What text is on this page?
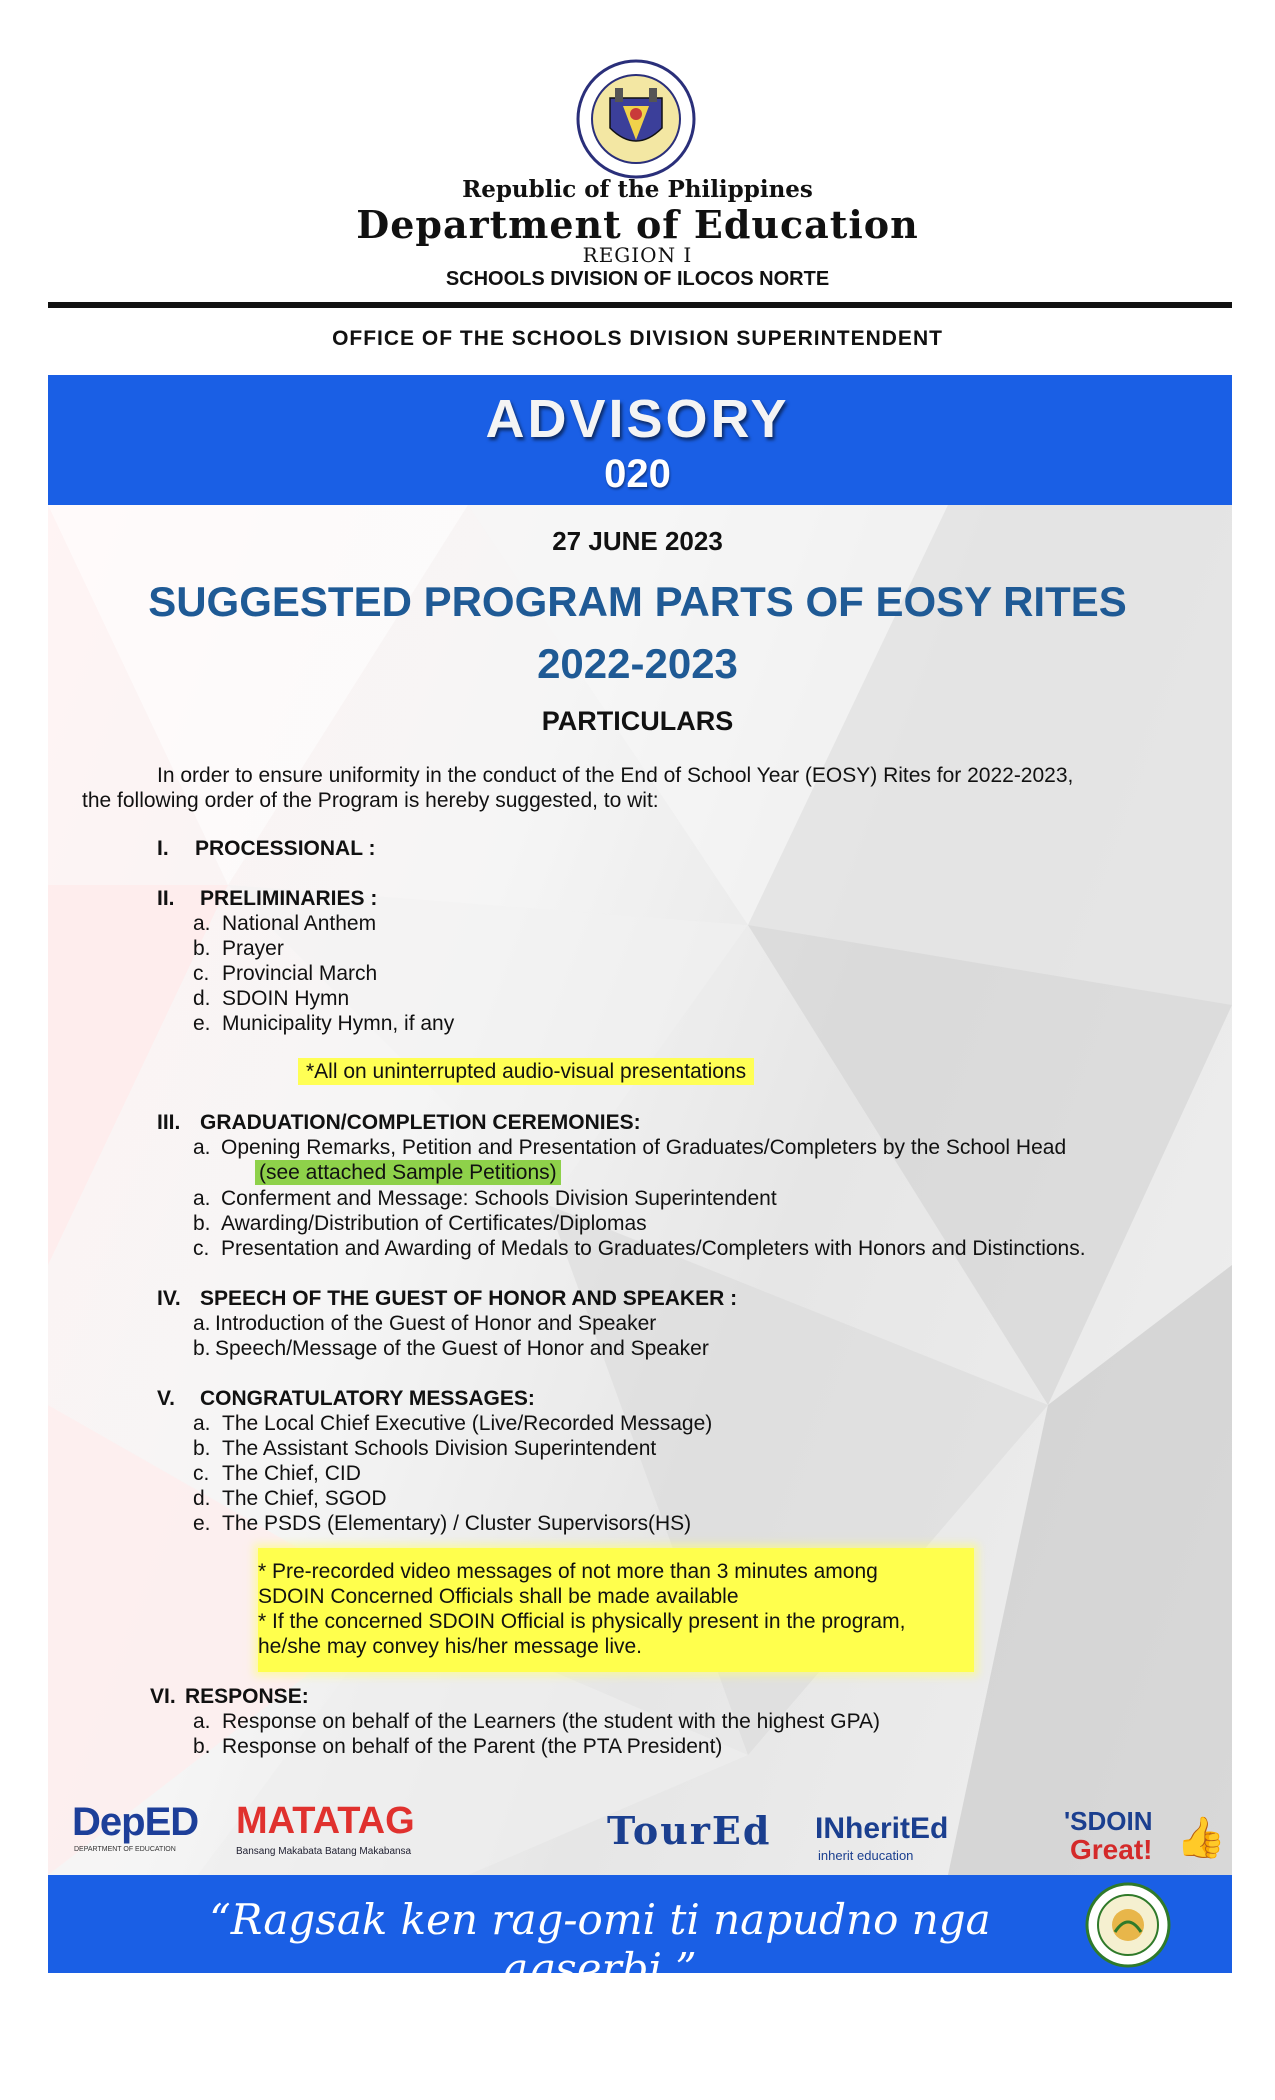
Republic of the Philippines
Department of Education
REGION I
SCHOOLS DIVISION OF ILOCOS NORTE
OFFICE OF THE SCHOOLS DIVISION SUPERINTENDENT
ADVISORY
020
27 JUNE 2023
SUGGESTED PROGRAM PARTS OF EOSY RITES
2022-2023
PARTICULARS
In order to ensure uniformity in the conduct of the End of School Year (EOSY) Rites for 2022-2023,
the following order of the Program is hereby suggested, to wit:
I. PROCESSIONAL :
II. PRELIMINARIES :
a. National Anthem
b. Prayer
c. Provincial March
d. SDOIN Hymn
e. Municipality Hymn, if any
*All on uninterrupted audio-visual presentations
III. GRADUATION/COMPLETION CEREMONIES:
a. Opening Remarks, Petition and Presentation of Graduates/Completers by the School Head
(see attached Sample Petitions)
a. Conferment and Message: Schools Division Superintendent
b. Awarding/Distribution of Certificates/Diplomas
c. Presentation and Awarding of Medals to Graduates/Completers with Honors and Distinctions.
IV. SPEECH OF THE GUEST OF HONOR AND SPEAKER :
a. Introduction of the Guest of Honor and Speaker
b. Speech/Message of the Guest of Honor and Speaker
V. CONGRATULATORY MESSAGES:
a. The Local Chief Executive (Live/Recorded Message)
b. The Assistant Schools Division Superintendent
c. The Chief, CID
d. The Chief, SGOD
e. The PSDS (Elementary) / Cluster Supervisors(HS)
* Pre-recorded video messages of not more than 3 minutes among
SDOIN Concerned Officials shall be made available
* If the concerned SDOIN Official is physically present in the program,
he/she may convey his/her message live.
VI. RESPONSE:
a. Response on behalf of the Learners (the student with the highest GPA)
b. Response on behalf of the Parent (the PTA President)
DepED
DEPARTMENT OF EDUCATION
MATATAG
Bansang Makabata Batang Makabansa	TourEd INheritEd
inherit education
'SDOIN
Great! 👍
“Ragsak ken rag-omi ti napudno nga agserbi.”
